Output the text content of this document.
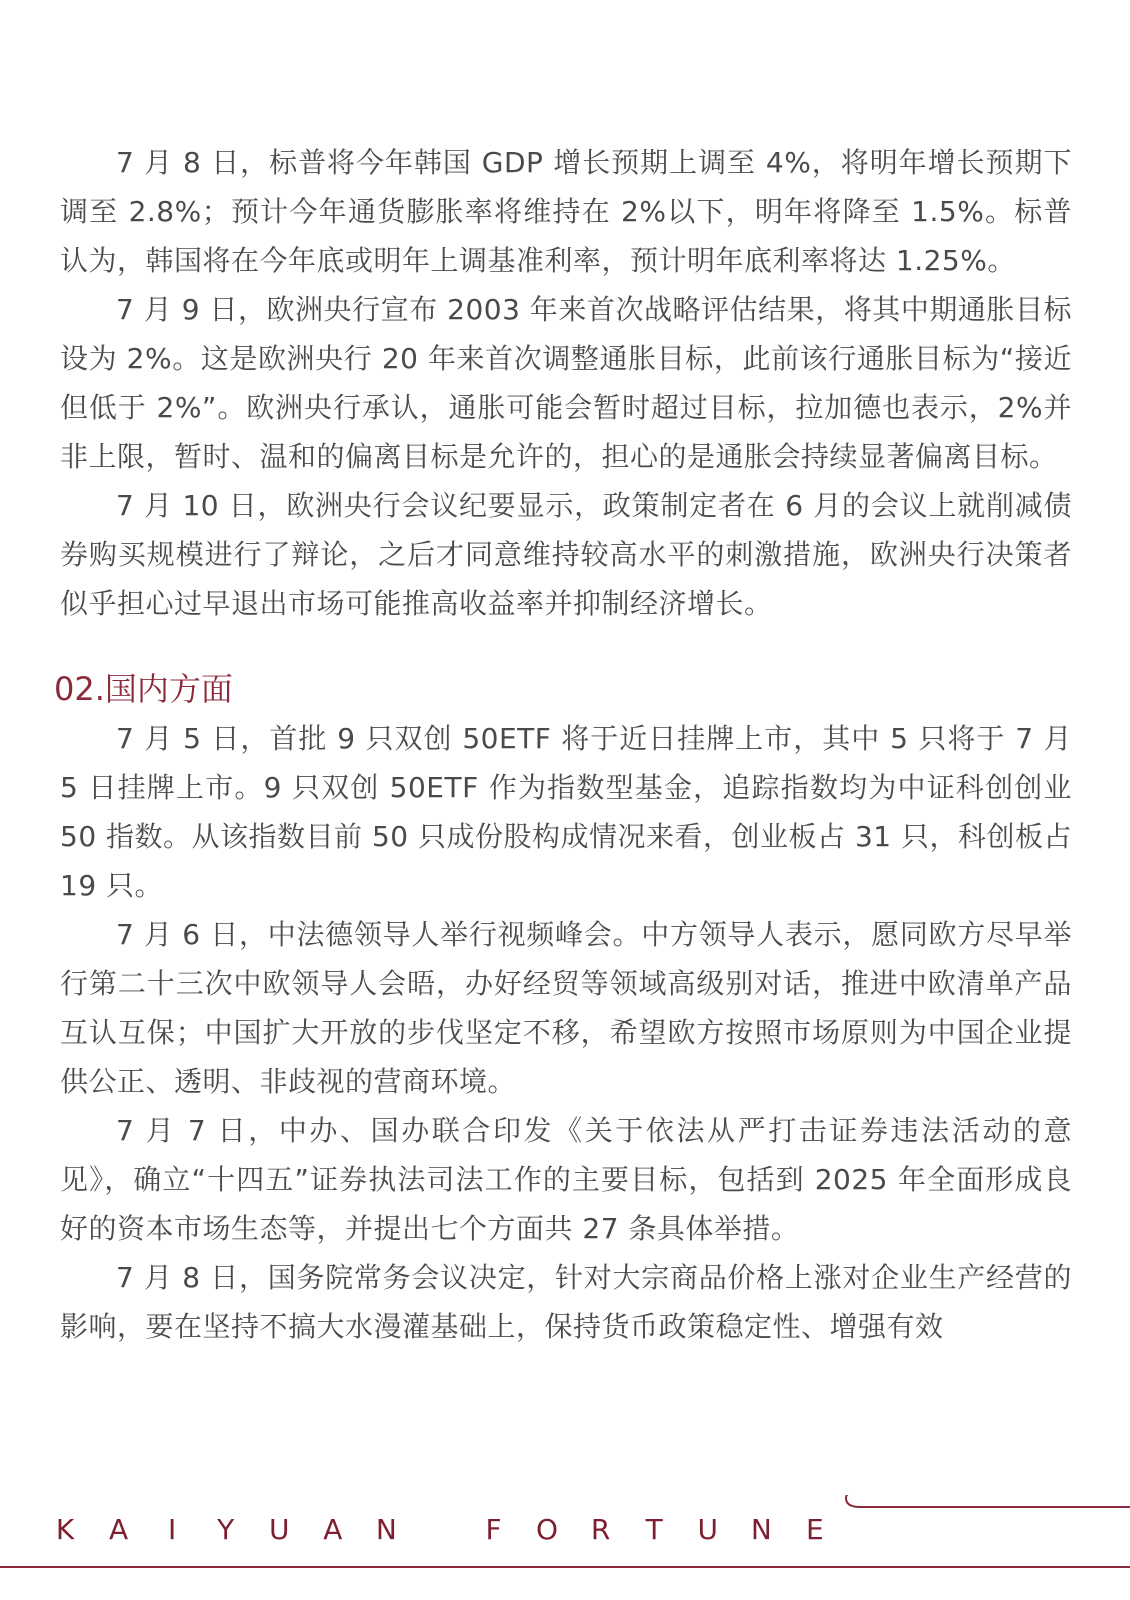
7 月 8 日，标普将今年韩国 GDP 增长预期上调至 4%，将明年增长预期下调至 2.8%；预计今年通货膨胀率将维持在 2%以下，明年将降至 1.5%。标普认为，韩国将在今年底或明年上调基准利率，预计明年底利率将达 1.25%。

7 月 9 日，欧洲央行宣布 2003 年来首次战略评估结果，将其中期通胀目标设为 2%。这是欧洲央行 20 年来首次调整通胀目标，此前该行通胀目标为“接近但低于 2%”。欧洲央行承认，通胀可能会暂时超过目标，拉加德也表示，2%并非上限，暂时、温和的偏离目标是允许的，担心的是通胀会持续显著偏离目标。

7 月 10 日，欧洲央行会议纪要显示，政策制定者在 6 月的会议上就削减债券购买规模进行了辩论，之后才同意维持较高水平的刺激措施，欧洲央行决策者似乎担心过早退出市场可能推高收益率并抑制经济增长。

02.国内方面

7 月 5 日，首批 9 只双创 50ETF 将于近日挂牌上市，其中 5 只将于 7 月 5 日挂牌上市。9 只双创 50ETF 作为指数型基金，追踪指数均为中证科创创业 50 指数。从该指数目前 50 只成份股构成情况来看，创业板占 31 只，科创板占 19 只。

7 月 6 日，中法德领导人举行视频峰会。中方领导人表示，愿同欧方尽早举行第二十三次中欧领导人会晤，办好经贸等领域高级别对话，推进中欧清单产品互认互保；中国扩大开放的步伐坚定不移，希望欧方按照市场原则为中国企业提供公正、透明、非歧视的营商环境。

7 月 7 日，中办、国办联合印发《关于依法从严打击证券违法活动的意见》，确立“十四五”证券执法司法工作的主要目标，包括到 2025 年全面形成良好的资本市场生态等，并提出七个方面共 27 条具体举措。

7 月 8 日，国务院常务会议决定，针对大宗商品价格上涨对企业生产经营的影响，要在坚持不搞大水漫灌基础上，保持货币政策稳定性、增强有效

K A	I	Y U A N	F O R T U N E
